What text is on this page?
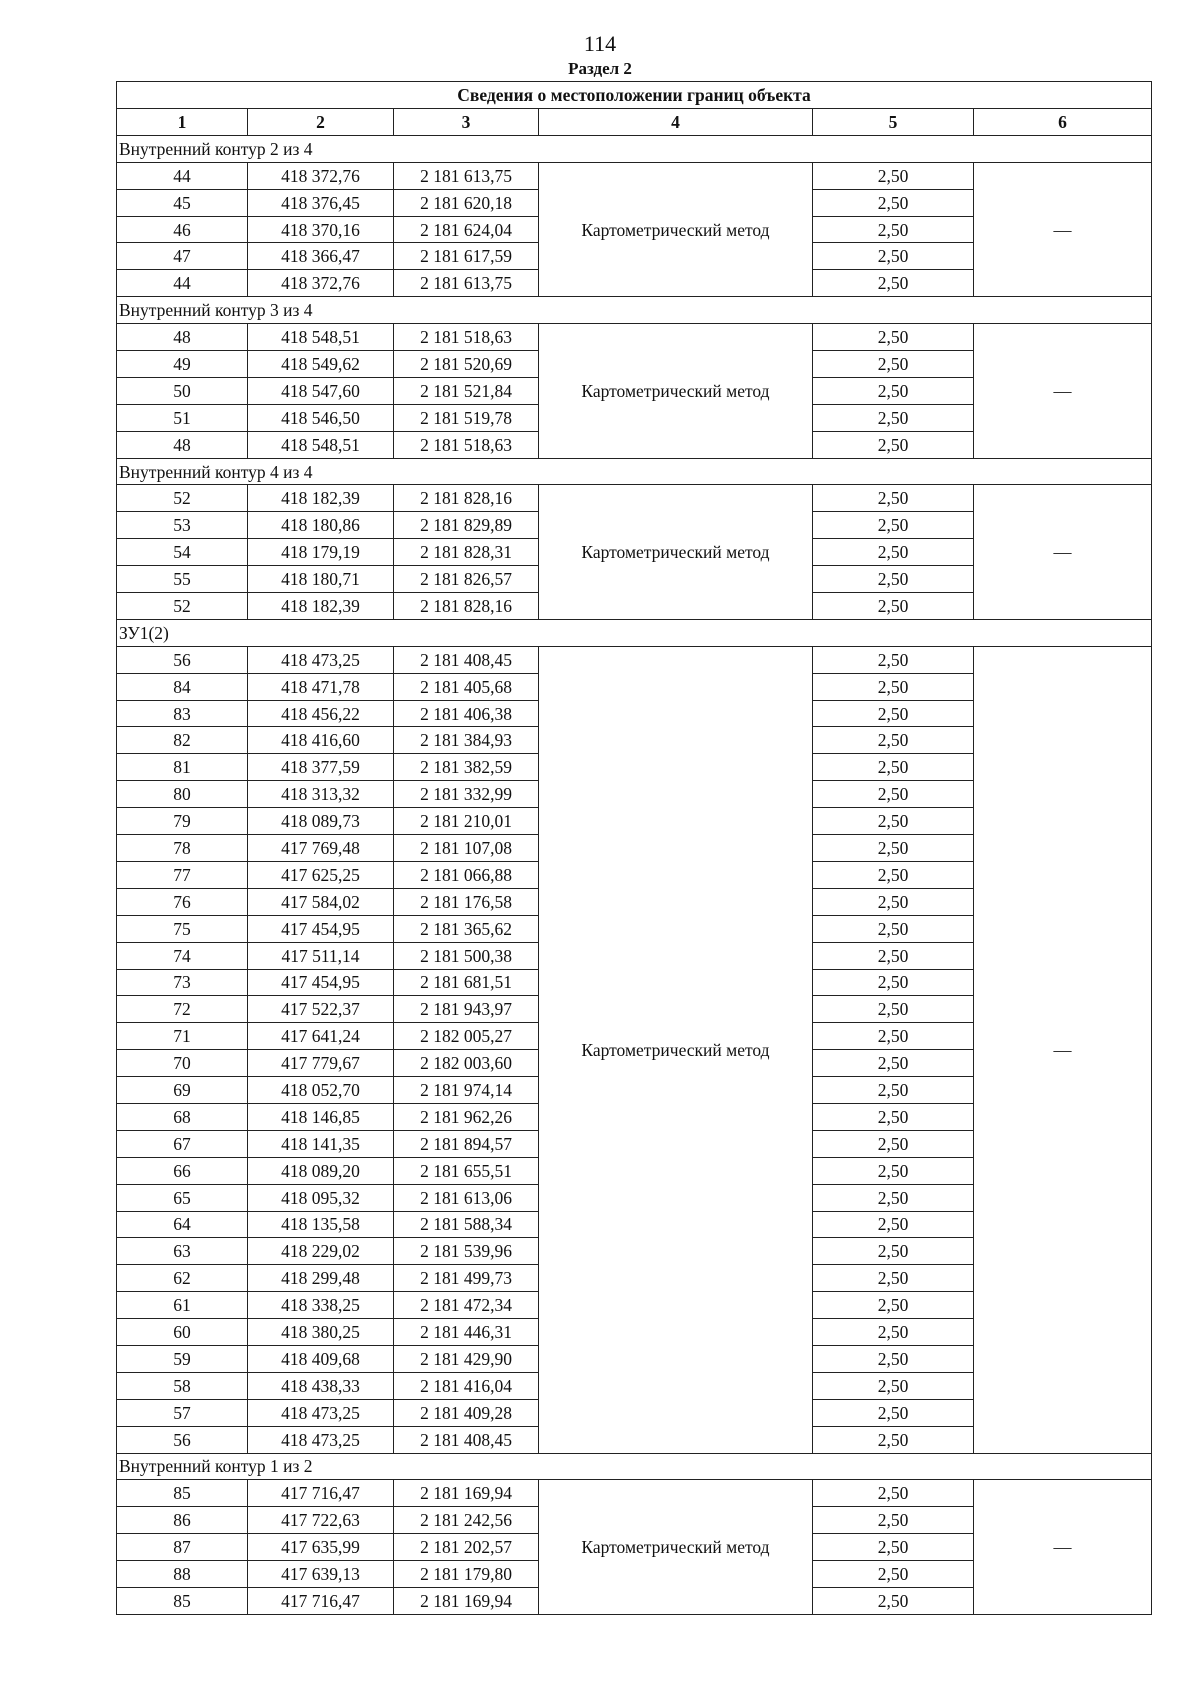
114
Раздел 2
Сведения о местоположении границ объекта					
1	2	3	4	5	6
Внутренний контур 2 из 4					
44	418 372,76	2 181 613,75	Картометрический метод	2,50	—
45	418 376,45	2 181 620,18		2,50	
46	418 370,16	2 181 624,04		2,50	
47	418 366,47	2 181 617,59		2,50	
44	418 372,76	2 181 613,75		2,50	
Внутренний контур 3 из 4					
48	418 548,51	2 181 518,63	Картометрический метод	2,50	—
49	418 549,62	2 181 520,69		2,50	
50	418 547,60	2 181 521,84		2,50	
51	418 546,50	2 181 519,78		2,50	
48	418 548,51	2 181 518,63		2,50	
Внутренний контур 4 из 4					
52	418 182,39	2 181 828,16	Картометрический метод	2,50	—
53	418 180,86	2 181 829,89		2,50	
54	418 179,19	2 181 828,31		2,50	
55	418 180,71	2 181 826,57		2,50	
52	418 182,39	2 181 828,16		2,50	
ЗУ1(2)					
56	418 473,25	2 181 408,45	Картометрический метод	2,50	—
84	418 471,78	2 181 405,68		2,50	
83	418 456,22	2 181 406,38		2,50	
82	418 416,60	2 181 384,93		2,50	
81	418 377,59	2 181 382,59		2,50	
80	418 313,32	2 181 332,99		2,50	
79	418 089,73	2 181 210,01		2,50	
78	417 769,48	2 181 107,08		2,50	
77	417 625,25	2 181 066,88		2,50	
76	417 584,02	2 181 176,58		2,50	
75	417 454,95	2 181 365,62		2,50	
74	417 511,14	2 181 500,38		2,50	
73	417 454,95	2 181 681,51		2,50	
72	417 522,37	2 181 943,97		2,50	
71	417 641,24	2 182 005,27		2,50	
70	417 779,67	2 182 003,60		2,50	
69	418 052,70	2 181 974,14		2,50	
68	418 146,85	2 181 962,26		2,50	
67	418 141,35	2 181 894,57		2,50	
66	418 089,20	2 181 655,51		2,50	
65	418 095,32	2 181 613,06		2,50	
64	418 135,58	2 181 588,34		2,50	
63	418 229,02	2 181 539,96		2,50	
62	418 299,48	2 181 499,73		2,50	
61	418 338,25	2 181 472,34		2,50	
60	418 380,25	2 181 446,31		2,50	
59	418 409,68	2 181 429,90		2,50	
58	418 438,33	2 181 416,04		2,50	
57	418 473,25	2 181 409,28		2,50	
56	418 473,25	2 181 408,45		2,50	
Внутренний контур 1 из 2					
85	417 716,47	2 181 169,94	Картометрический метод	2,50	—
86	417 722,63	2 181 242,56		2,50	
87	417 635,99	2 181 202,57		2,50	
88	417 639,13	2 181 179,80		2,50	
85	417 716,47	2 181 169,94		2,50	
